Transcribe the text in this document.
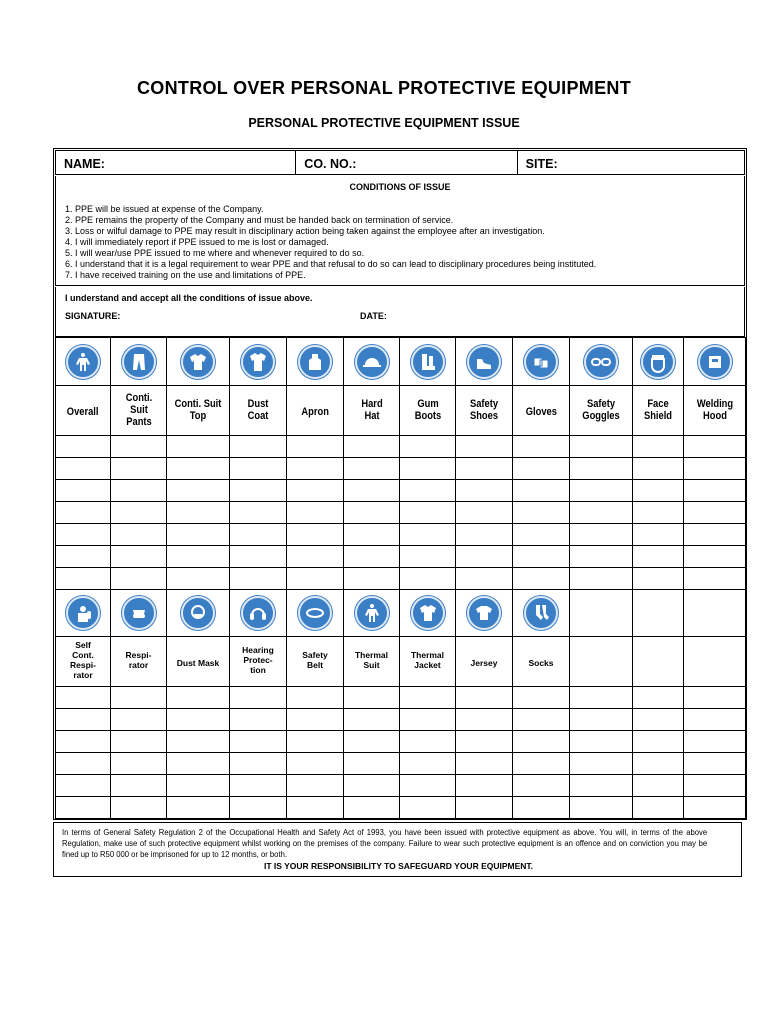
CONTROL OVER PERSONAL PROTECTIVE EQUIPMENT
PERSONAL PROTECTIVE EQUIPMENT ISSUE
NAME:	CO. NO.:	SITE:
CONDITIONS OF ISSUE
1. PPE will be issued at expense of the Company.
2. PPE remains the property of the Company and must be handed back on termination of service.
3. Loss or wilful damage to PPE may result in disciplinary action being taken against the employee after an investigation.
4. I will immediately report if PPE issued to me is lost or damaged.
5. I will wear/use PPE issued to me where and whenever required to do so.
6. I understand that it is a legal requirement to wear PPE and that refusal to do so can lead to disciplinary procedures being instituted.
7. I have received training on the use and limitations of PPE.
I understand and accept all the conditions of issue above.
SIGNATURE:	DATE:

Overall	Conti. Suit Pants	Conti. Suit Top	Dust Coat	Apron	Hard Hat	Gum Boots	Safety Shoes	Gloves	Safety Goggles	Face Shield	Welding Hood

Self Cont. Respi- rator	Respi- rator	Dust Mask	Hearing Protec- tion	Safety Belt	Thermal Suit	Thermal Jacket	Jersey	Socks			

In terms of General Safety Regulation 2 of the Occupational Health and Safety Act of 1993, you have been issued with protective equipment as above. You will, in terms of the above Regulation, make use of such protective equipment whilst working on the premises of the company. Failure to wear such protective equipment is an offence and on conviction you may be fined up to R50 000 or be imprisoned for up to 12 months, or both.
IT IS YOUR RESPONSIBILITY TO SAFEGUARD YOUR EQUIPMENT.
